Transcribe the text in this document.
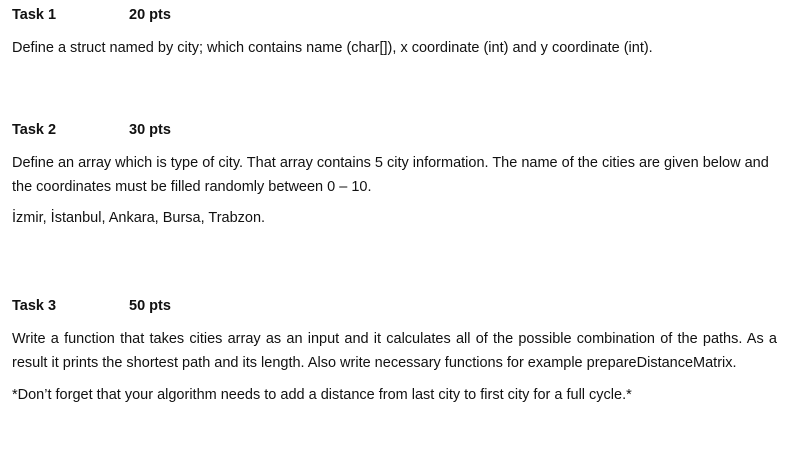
Task 1	20 pts

Define a struct named by city; which contains name (char[]), x coordinate (int) and y coordinate (int).

Task 2	30 pts

Define an array which is type of city. That array contains 5 city information. The name of the cities are given below and the coordinates must be filled randomly between 0 – 10.

İzmir, İstanbul, Ankara, Bursa, Trabzon.

Task 3	50 pts

Write a function that takes cities array as an input and it calculates all of the possible combination of the paths. As a result it prints the shortest path and its length. Also write necessary functions for example prepareDistanceMatrix.

*Don’t forget that your algorithm needs to add a distance from last city to first city for a full cycle.*
